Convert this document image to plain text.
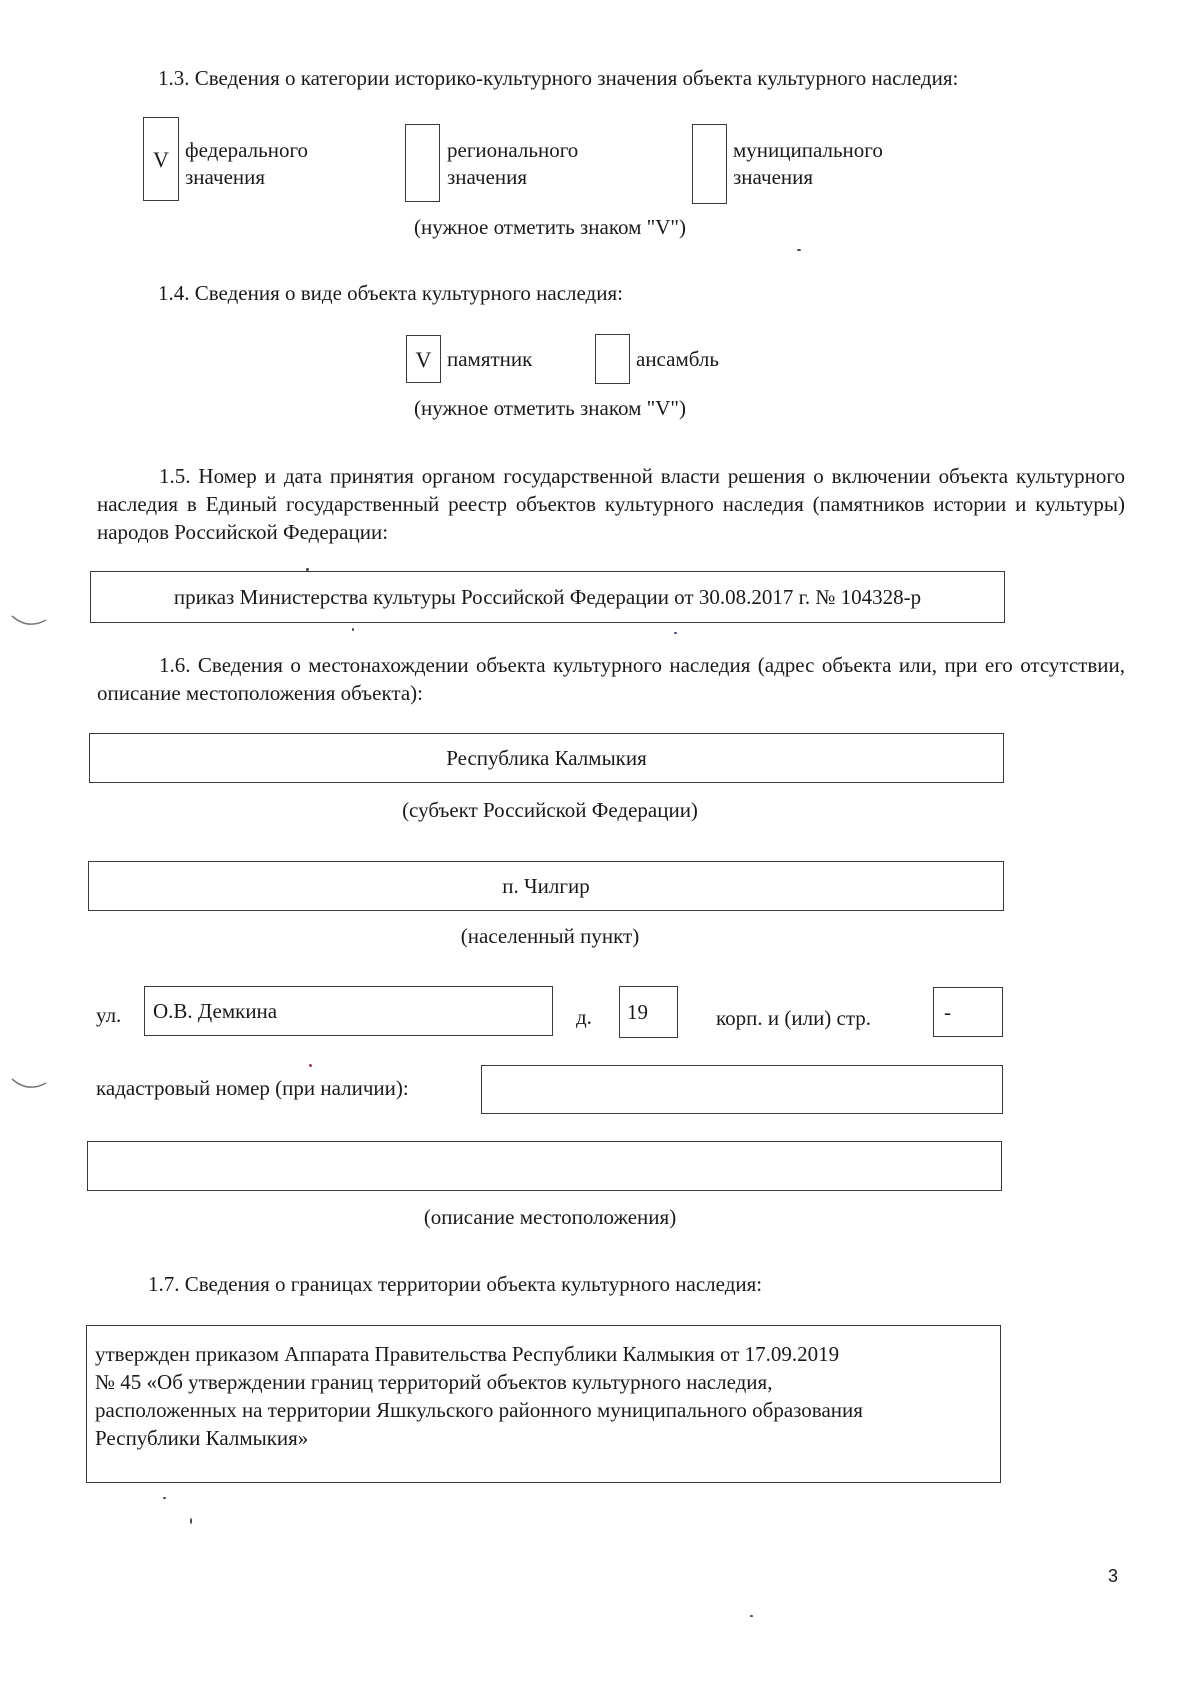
1.3. Сведения о категории историко-культурного значения объекта культурного наследия:
V федерального
значения
регионального
значения
муниципального
значения
(нужное отметить знаком "V")
1.4. Сведения о виде объекта культурного наследия:
V памятник	ансамбль
(нужное отметить знаком "V")
1.5. Номер и дата принятия органом государственной власти решения о включении объекта культурного наследия в Единый государственный реестр объектов культурного наследия (памятников истории и культуры) народов Российской Федерации:
приказ Министерства культуры Российской Федерации от 30.08.2017 г. № 104328-р
1.6. Сведения о местонахождении объекта культурного наследия (адрес объекта или, при его отсутствии, описание местоположения объекта):
Республика Калмыкия
(субъект Российской Федерации)
п. Чилгир
(населенный пункт)
ул. О.В. Демкина	д. 19	корп. и (или) стр.	-
кадастровый номер (при наличии):
(описание местоположения)
1.7. Сведения о границах территории объекта культурного наследия:
утвержден приказом Аппарата Правительства Республики Калмыкия от 17.09.2019
№ 45 «Об утверждении границ территорий объектов культурного наследия,
расположенных на территории Яшкульского районного муниципального образования
Республики Калмыкия»
3
